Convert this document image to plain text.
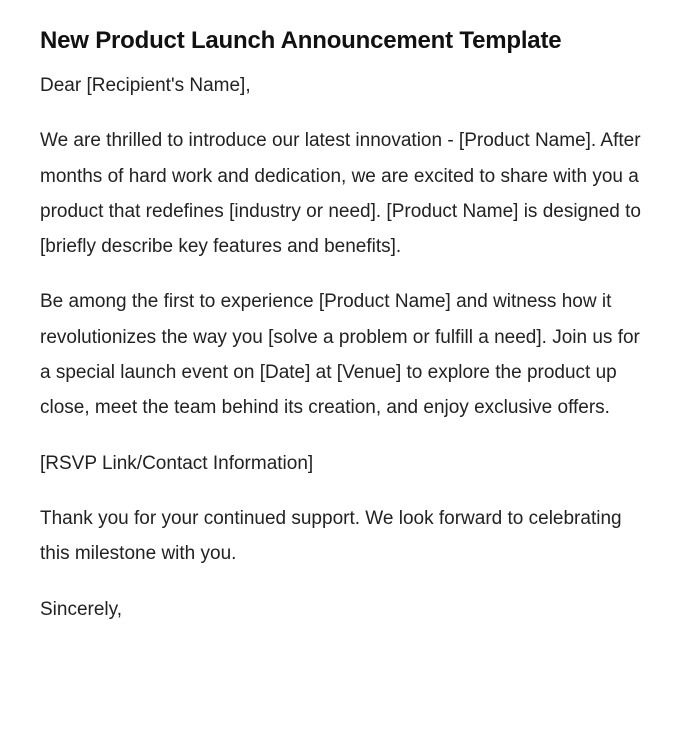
New Product Launch Announcement Template

Dear [Recipient's Name],

We are thrilled to introduce our latest innovation - [Product Name]. After months of hard work and dedication, we are excited to share with you a product that redefines [industry or need]. [Product Name] is designed to [briefly describe key features and benefits].

Be among the first to experience [Product Name] and witness how it revolutionizes the way you [solve a problem or fulfill a need]. Join us for a special launch event on [Date] at [Venue] to explore the product up close, meet the team behind its creation, and enjoy exclusive offers.

[RSVP Link/Contact Information]

Thank you for your continued support. We look forward to celebrating this milestone with you.

Sincerely,
